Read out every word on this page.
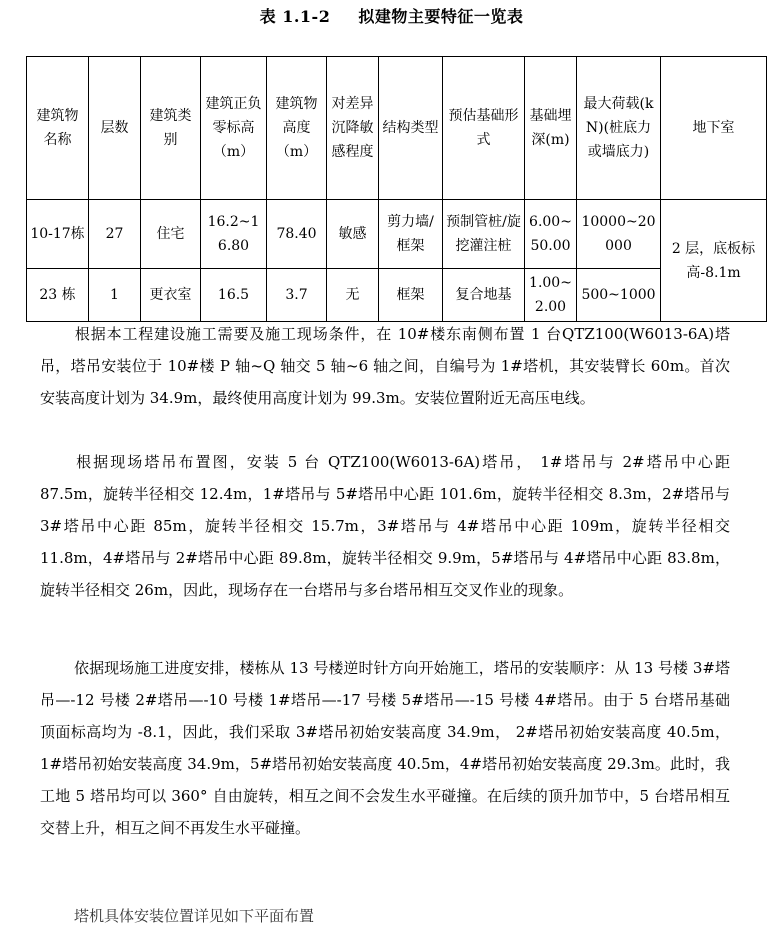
表 1.1-2 拟建物主要特征一览表
建筑物名称	层数	建筑类别	建筑正负零标高（m）	建筑物高度（m）	对差异沉降敏感程度	结构类型	预估基础形式	基础埋深(m)	最大荷载(kN)(桩底力或墙底力)	地下室
10-17栋	27	住宅	16.2~16.80	78.40	敏感	剪力墙/框架	预制管桩/旋挖灌注桩	6.00~50.00	10000~20000	2 层，底板标高-8.1m
23 栋	1	更衣室	16.5	3.7	无	框架	复合地基	1.00~2.00	500~1000	

根据本工程建设施工需要及施工现场条件，在 10#楼东南侧布置 1 台QTZ100(W6013-6A)塔吊，塔吊安装位于 10#楼 P 轴~Q 轴交 5 轴~6 轴之间，自编号为 1#塔机，其安装臂长 60m。首次安装高度计划为 34.9m，最终使用高度计划为 99.3m。安装位置附近无高压电线。

根据现场塔吊布置图，安装 5 台 QTZ100(W6013-6A)塔吊， 1#塔吊与 2#塔吊中心距 87.5m，旋转半径相交 12.4m，1#塔吊与 5#塔吊中心距 101.6m，旋转半径相交 8.3m，2#塔吊与 3#塔吊中心距 85m，旋转半径相交 15.7m，3#塔吊与 4#塔吊中心距 109m，旋转半径相交 11.8m，4#塔吊与 2#塔吊中心距 89.8m，旋转半径相交 9.9m，5#塔吊与 4#塔吊中心距 83.8m，旋转半径相交 26m，因此，现场存在一台塔吊与多台塔吊相互交叉作业的现象。

依据现场施工进度安排，楼栋从 13 号楼逆时针方向开始施工，塔吊的安装顺序：从 13 号楼 3#塔吊—-12 号楼 2#塔吊—-10 号楼 1#塔吊—-17 号楼 5#塔吊—-15 号楼 4#塔吊。由于 5 台塔吊基础顶面标高均为 -8.1，因此，我们采取 3#塔吊初始安装高度 34.9m， 2#塔吊初始安装高度 40.5m，1#塔吊初始安装高度 34.9m，5#塔吊初始安装高度 40.5m，4#塔吊初始安装高度 29.3m。此时，我工地 5 塔吊均可以 360° 自由旋转，相互之间不会发生水平碰撞。在后续的顶升加节中，5 台塔吊相互交替上升，相互之间不再发生水平碰撞。

塔机具体安装位置详见如下平面布置
